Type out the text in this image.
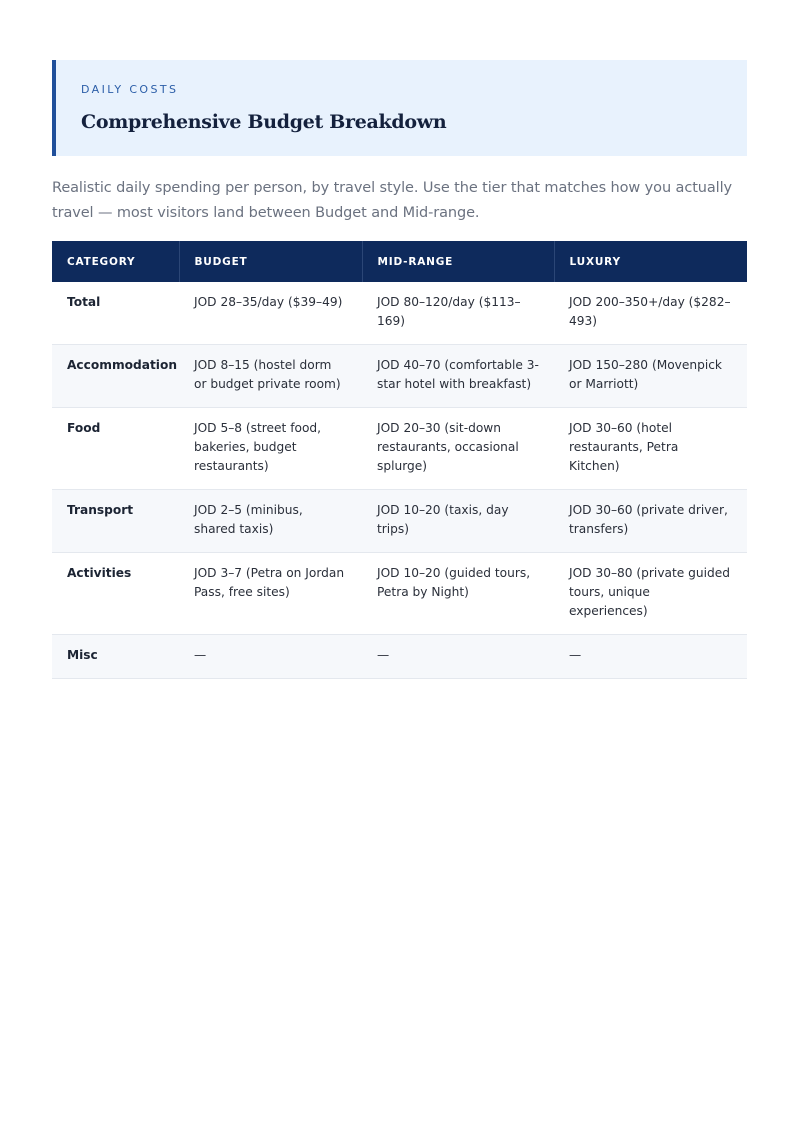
DAILY COSTS

Comprehensive Budget Breakdown

Realistic daily spending per person, by travel style. Use the tier that matches how you actually travel — most visitors land between Budget and Mid-range.

CATEGORY	BUDGET	MID-RANGE	LUXURY
Total	JOD 28–35/day ($39–49)	JOD 80–120/day ($113–169)	JOD 200–350+/day ($282–493)
Accommodation	JOD 8–15 (hostel dorm or budget private room)	JOD 40–70 (comfortable 3-star hotel with breakfast)	JOD 150–280 (Movenpick or Marriott)
Food	JOD 5–8 (street food, bakeries, budget restaurants)	JOD 20–30 (sit-down restaurants, occasional splurge)	JOD 30–60 (hotel restaurants, Petra Kitchen)
Transport	JOD 2–5 (minibus, shared taxis)	JOD 10–20 (taxis, day trips)	JOD 30–60 (private driver, transfers)
Activities	JOD 3–7 (Petra on Jordan Pass, free sites)	JOD 10–20 (guided tours, Petra by Night)	JOD 30–80 (private guided tours, unique experiences)
Misc	—	—	—
